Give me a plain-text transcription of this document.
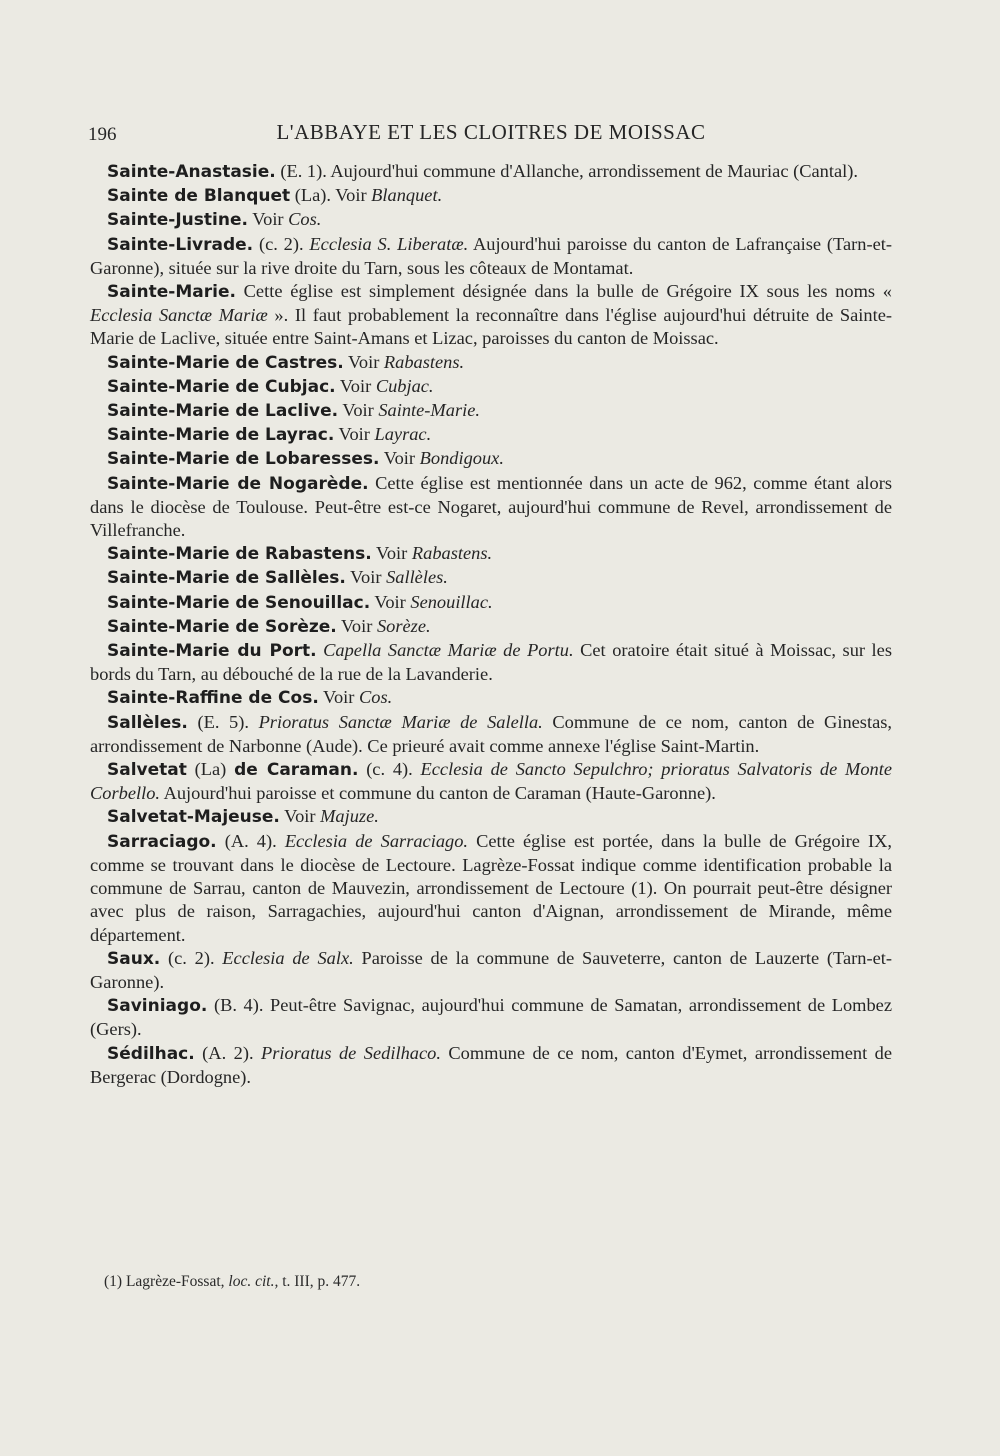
196	L'ABBAYE ET LES CLOITRES DE MOISSAC

Sainte-Anastasie. (E. 1). Aujourd'hui commune d'Allanche, arrondissement de Mauriac (Cantal).

Sainte de Blanquet (La). Voir Blanquet.

Sainte-Justine. Voir Cos.

Sainte-Livrade. (c. 2). Ecclesia S. Liberatæ. Aujourd'hui paroisse du canton de Lafrançaise (Tarn-et-Garonne), située sur la rive droite du Tarn, sous les côteaux de Montamat.

Sainte-Marie. Cette église est simplement désignée dans la bulle de Grégoire IX sous les noms « Ecclesia Sanctæ Mariæ ». Il faut probablement la reconnaître dans l'église aujourd'hui détruite de Sainte-Marie de Laclive, située entre Saint-Amans et Lizac, paroisses du canton de Moissac.

Sainte-Marie de Castres. Voir Rabastens.

Sainte-Marie de Cubjac. Voir Cubjac.

Sainte-Marie de Laclive. Voir Sainte-Marie.

Sainte-Marie de Layrac. Voir Layrac.

Sainte-Marie de Lobaresses. Voir Bondigoux.

Sainte-Marie de Nogarède. Cette église est mentionnée dans un acte de 962, comme étant alors dans le diocèse de Toulouse. Peut-être est-ce Nogaret, aujourd'hui commune de Revel, arrondissement de Villefranche.

Sainte-Marie de Rabastens. Voir Rabastens.

Sainte-Marie de Sallèles. Voir Sallèles.

Sainte-Marie de Senouillac. Voir Senouillac.

Sainte-Marie de Sorèze. Voir Sorèze.

Sainte-Marie du Port. Capella Sanctæ Mariæ de Portu. Cet oratoire était situé à Moissac, sur les bords du Tarn, au débouché de la rue de la Lavanderie.

Sainte-Raffine de Cos. Voir Cos.

Sallèles. (E. 5). Prioratus Sanctæ Mariæ de Salella. Commune de ce nom, canton de Ginestas, arrondissement de Narbonne (Aude). Ce prieuré avait comme annexe l'église Saint-Martin.

Salvetat (La) de Caraman. (c. 4). Ecclesia de Sancto Sepulchro; prioratus Salvatoris de Monte Corbello. Aujourd'hui paroisse et commune du canton de Caraman (Haute-Garonne).

Salvetat-Majeuse. Voir Majuze.

Sarraciago. (A. 4). Ecclesia de Sarraciago. Cette église est portée, dans la bulle de Grégoire IX, comme se trouvant dans le diocèse de Lectoure. Lagrèze-Fossat indique comme identification probable la commune de Sarrau, canton de Mauvezin, arrondissement de Lectoure (1). On pourrait peut-être désigner avec plus de raison, Sarragachies, aujourd'hui canton d'Aignan, arrondissement de Mirande, même département.

Saux. (c. 2). Ecclesia de Salx. Paroisse de la commune de Sauveterre, canton de Lauzerte (Tarn-et-Garonne).

Saviniago. (B. 4). Peut-être Savignac, aujourd'hui commune de Samatan, arrondissement de Lombez (Gers).

Sédilhac. (A. 2). Prioratus de Sedilhaco. Commune de ce nom, canton d'Eymet, arrondissement de Bergerac (Dordogne).

(1) Lagrèze-Fossat, loc. cit., t. III, p. 477.
